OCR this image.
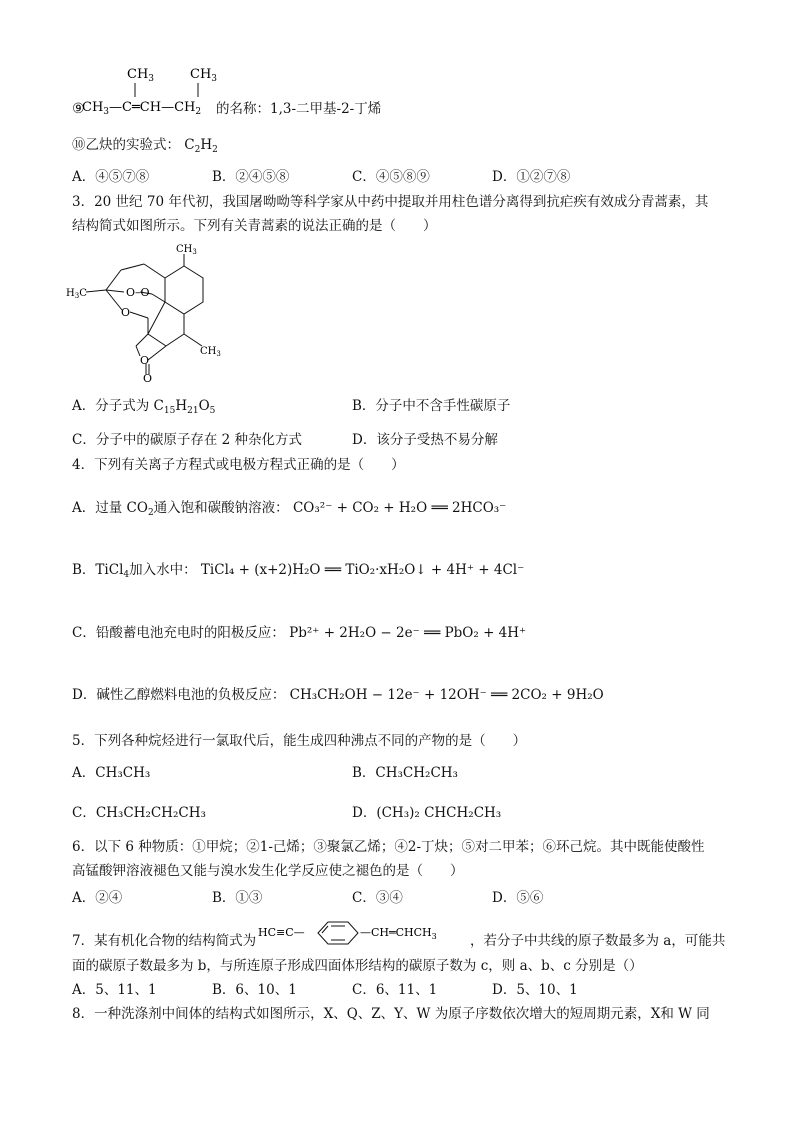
⑨
$CH_3$	$CH_3$
$CH_3—C═CH—CH_2$ 的名称：1,3-二甲基-2-丁烯
⑩乙炔的实验式： $C_2H_2$
A．④⑤⑦⑧	B．②④⑤⑧	C．④⑤⑧⑨	D．①②⑦⑧
3．20 世纪 70 年代初，我国屠呦呦等科学家从中药中提取并用柱色谱分离得到抗疟疾有效成分青蒿素，其
结构简式如图所示。下列有关青蒿素的说法正确的是（　　）
O–O
O
O
O
$H_3C$
$CH_3$
$CH_3$
A．分子式为 $C_{15}H_{21}O_5$	B．分子中不含手性碳原子
C．分子中的碳原子存在 2 种杂化方式	D．该分子受热不易分解
4．下列有关离子方程式或电极方程式正确的是（　　）
A．过量 $CO_2$通入饱和碳酸钠溶液： CO₃²⁻ + CO₂ + H₂O ══ 2HCO₃⁻
B．TiCl$_4$加入水中： TiCl₄ + (x+2)H₂O ══ TiO₂·xH₂O↓ + 4H⁺ + 4Cl⁻
C．铅酸蓄电池充电时的阳极反应： Pb²⁺ + 2H₂O − 2e⁻ ══ PbO₂ + 4H⁺
D．碱性乙醇燃料电池的负极反应： CH₃CH₂OH − 12e⁻ + 12OH⁻ ══ 2CO₂ + 9H₂O
5．下列各种烷烃进行一氯取代后，能生成四种沸点不同的产物的是（　　）
A．CH₃CH₃	B．CH₃CH₂CH₃
C．CH₃CH₂CH₂CH₃	D．(CH₃)₂ CHCH₂CH₃
6．以下 6 种物质：①甲烷；②1-己烯；③聚氯乙烯；④2-丁炔；⑤对二甲苯；⑥环己烷。其中既能使酸性
高锰酸钾溶液褪色又能与溴水发生化学反应使之褪色的是（　　）
A．②④	B．①③	C．③④	D．⑤⑥
7．某有机化合物的结构简式为
HC≡C—	$—CH═CHCH_3$ ，若分子中共线的原子数最多为 a，可能共
面的碳原子数最多为 b，与所连原子形成四面体形结构的碳原子数为 c，则 a、b、c 分别是（）
A．5、11、1	B．6、10、1	C．6、11、1	D．5、10、1
8．一种洗涤剂中间体的结构式如图所示，X、Q、Z、Y、W 为原子序数依次增大的短周期元素，X和 W 同
